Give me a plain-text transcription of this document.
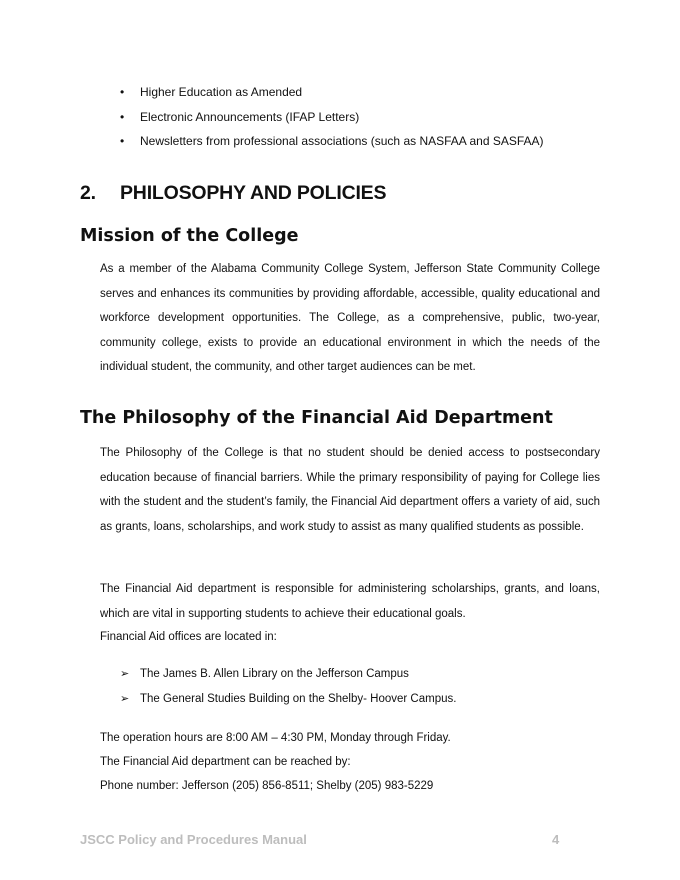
• Higher Education as Amended
• Electronic Announcements (IFAP Letters)
• Newsletters from professional associations (such as NASFAA and SASFAA)
2. PHILOSOPHY AND POLICIES
Mission of the College

As a member of the Alabama Community College System, Jefferson State Community College serves and enhances its communities by providing affordable, accessible, quality educational and workforce development opportunities. The College, as a comprehensive, public, two-year, community college, exists to provide an educational environment in which the needs of the individual student, the community, and other target audiences can be met.

The Philosophy of the Financial Aid Department

The Philosophy of the College is that no student should be denied access to postsecondary education because of financial barriers. While the primary responsibility of paying for College lies with the student and the student’s family, the Financial Aid department offers a variety of aid, such as grants, loans, scholarships, and work study to assist as many qualified students as possible.

The Financial Aid department is responsible for administering scholarships, grants, and loans, which are vital in supporting students to achieve their educational goals.

Financial Aid offices are located in:

➢ The James B. Allen Library on the Jefferson Campus
➢ The General Studies Building on the Shelby- Hoover Campus.

The operation hours are 8:00 AM – 4:30 PM, Monday through Friday.

The Financial Aid department can be reached by:

Phone number: Jefferson (205) 856-8511; Shelby (205) 983-5229

JSCC Policy and Procedures Manual	4
